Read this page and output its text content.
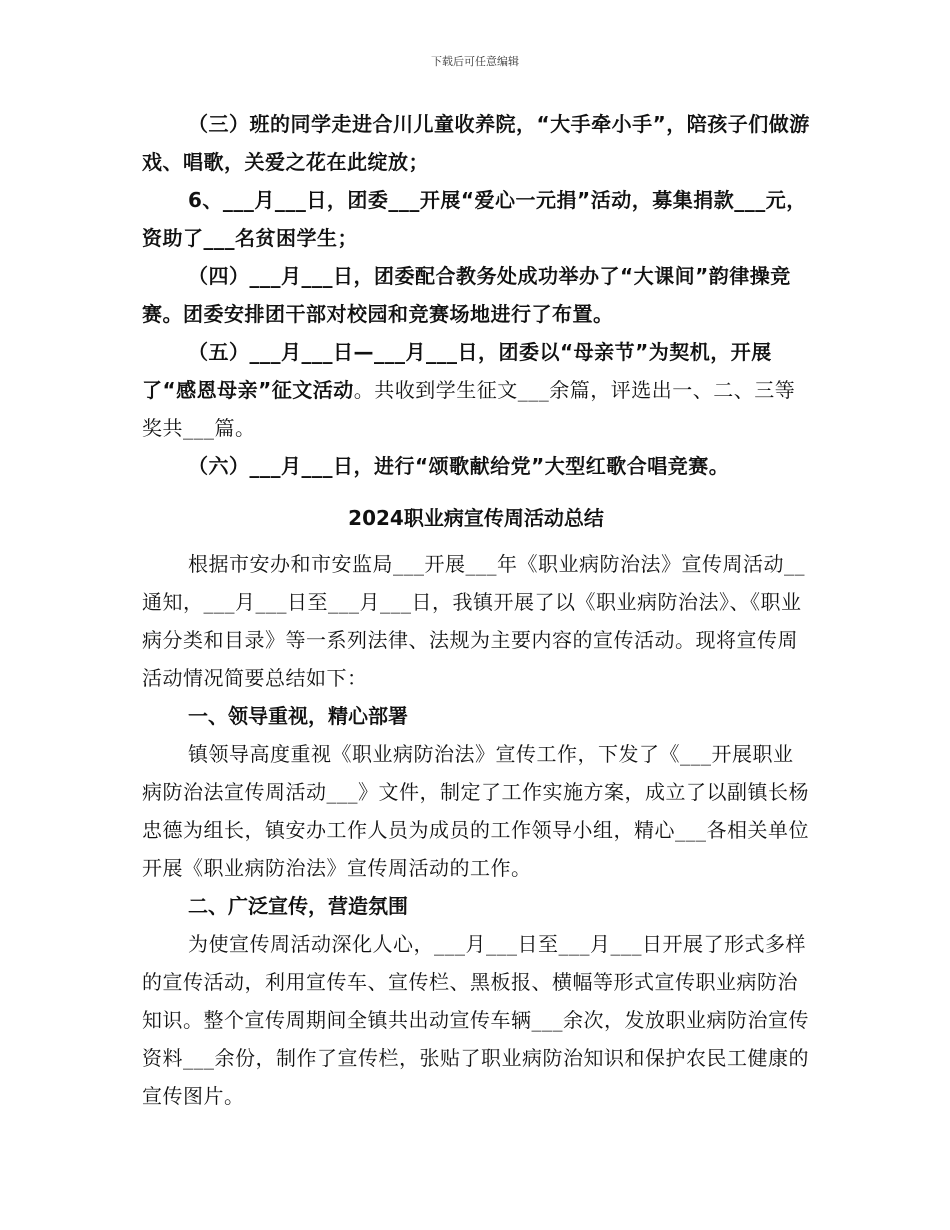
下载后可任意编辑

（三）班的同学走进合川儿童收养院，“大手牵小手”，陪孩子们做游戏、唱歌，关爱之花在此绽放；

6、___月___日，团委___开展“爱心一元捐”活动，募集捐款___元，资助了___名贫困学生；

（四）___月___日，团委配合教务处成功举办了“大课间”韵律操竞赛。团委安排团干部对校园和竞赛场地进行了布置。

（五）___月___日—___月___日，团委以“母亲节”为契机，开展了“感恩母亲”征文活动。共收到学生征文___余篇，评选出一、二、三等奖共___篇。

（六）___月___日，进行“颂歌献给党”大型红歌合唱竞赛。

2024职业病宣传周活动总结

根据市安办和市安监局___开展___年《职业病防治法》宣传周活动__通知，___月___日至___月___日，我镇开展了以《职业病防治法》、《职业病分类和目录》等一系列法律、法规为主要内容的宣传活动。现将宣传周活动情况简要总结如下：

一、领导重视，精心部署

镇领导高度重视《职业病防治法》宣传工作，下发了《___开展职业病防治法宣传周活动___》文件，制定了工作实施方案，成立了以副镇长杨忠德为组长，镇安办工作人员为成员的工作领导小组，精心___各相关单位开展《职业病防治法》宣传周活动的工作。

二、广泛宣传，营造氛围

为使宣传周活动深化人心，___月___日至___月___日开展了形式多样的宣传活动，利用宣传车、宣传栏、黑板报、横幅等形式宣传职业病防治知识。整个宣传周期间全镇共出动宣传车辆___余次，发放职业病防治宣传资料___余份，制作了宣传栏，张贴了职业病防治知识和保护农民工健康的宣传图片。
